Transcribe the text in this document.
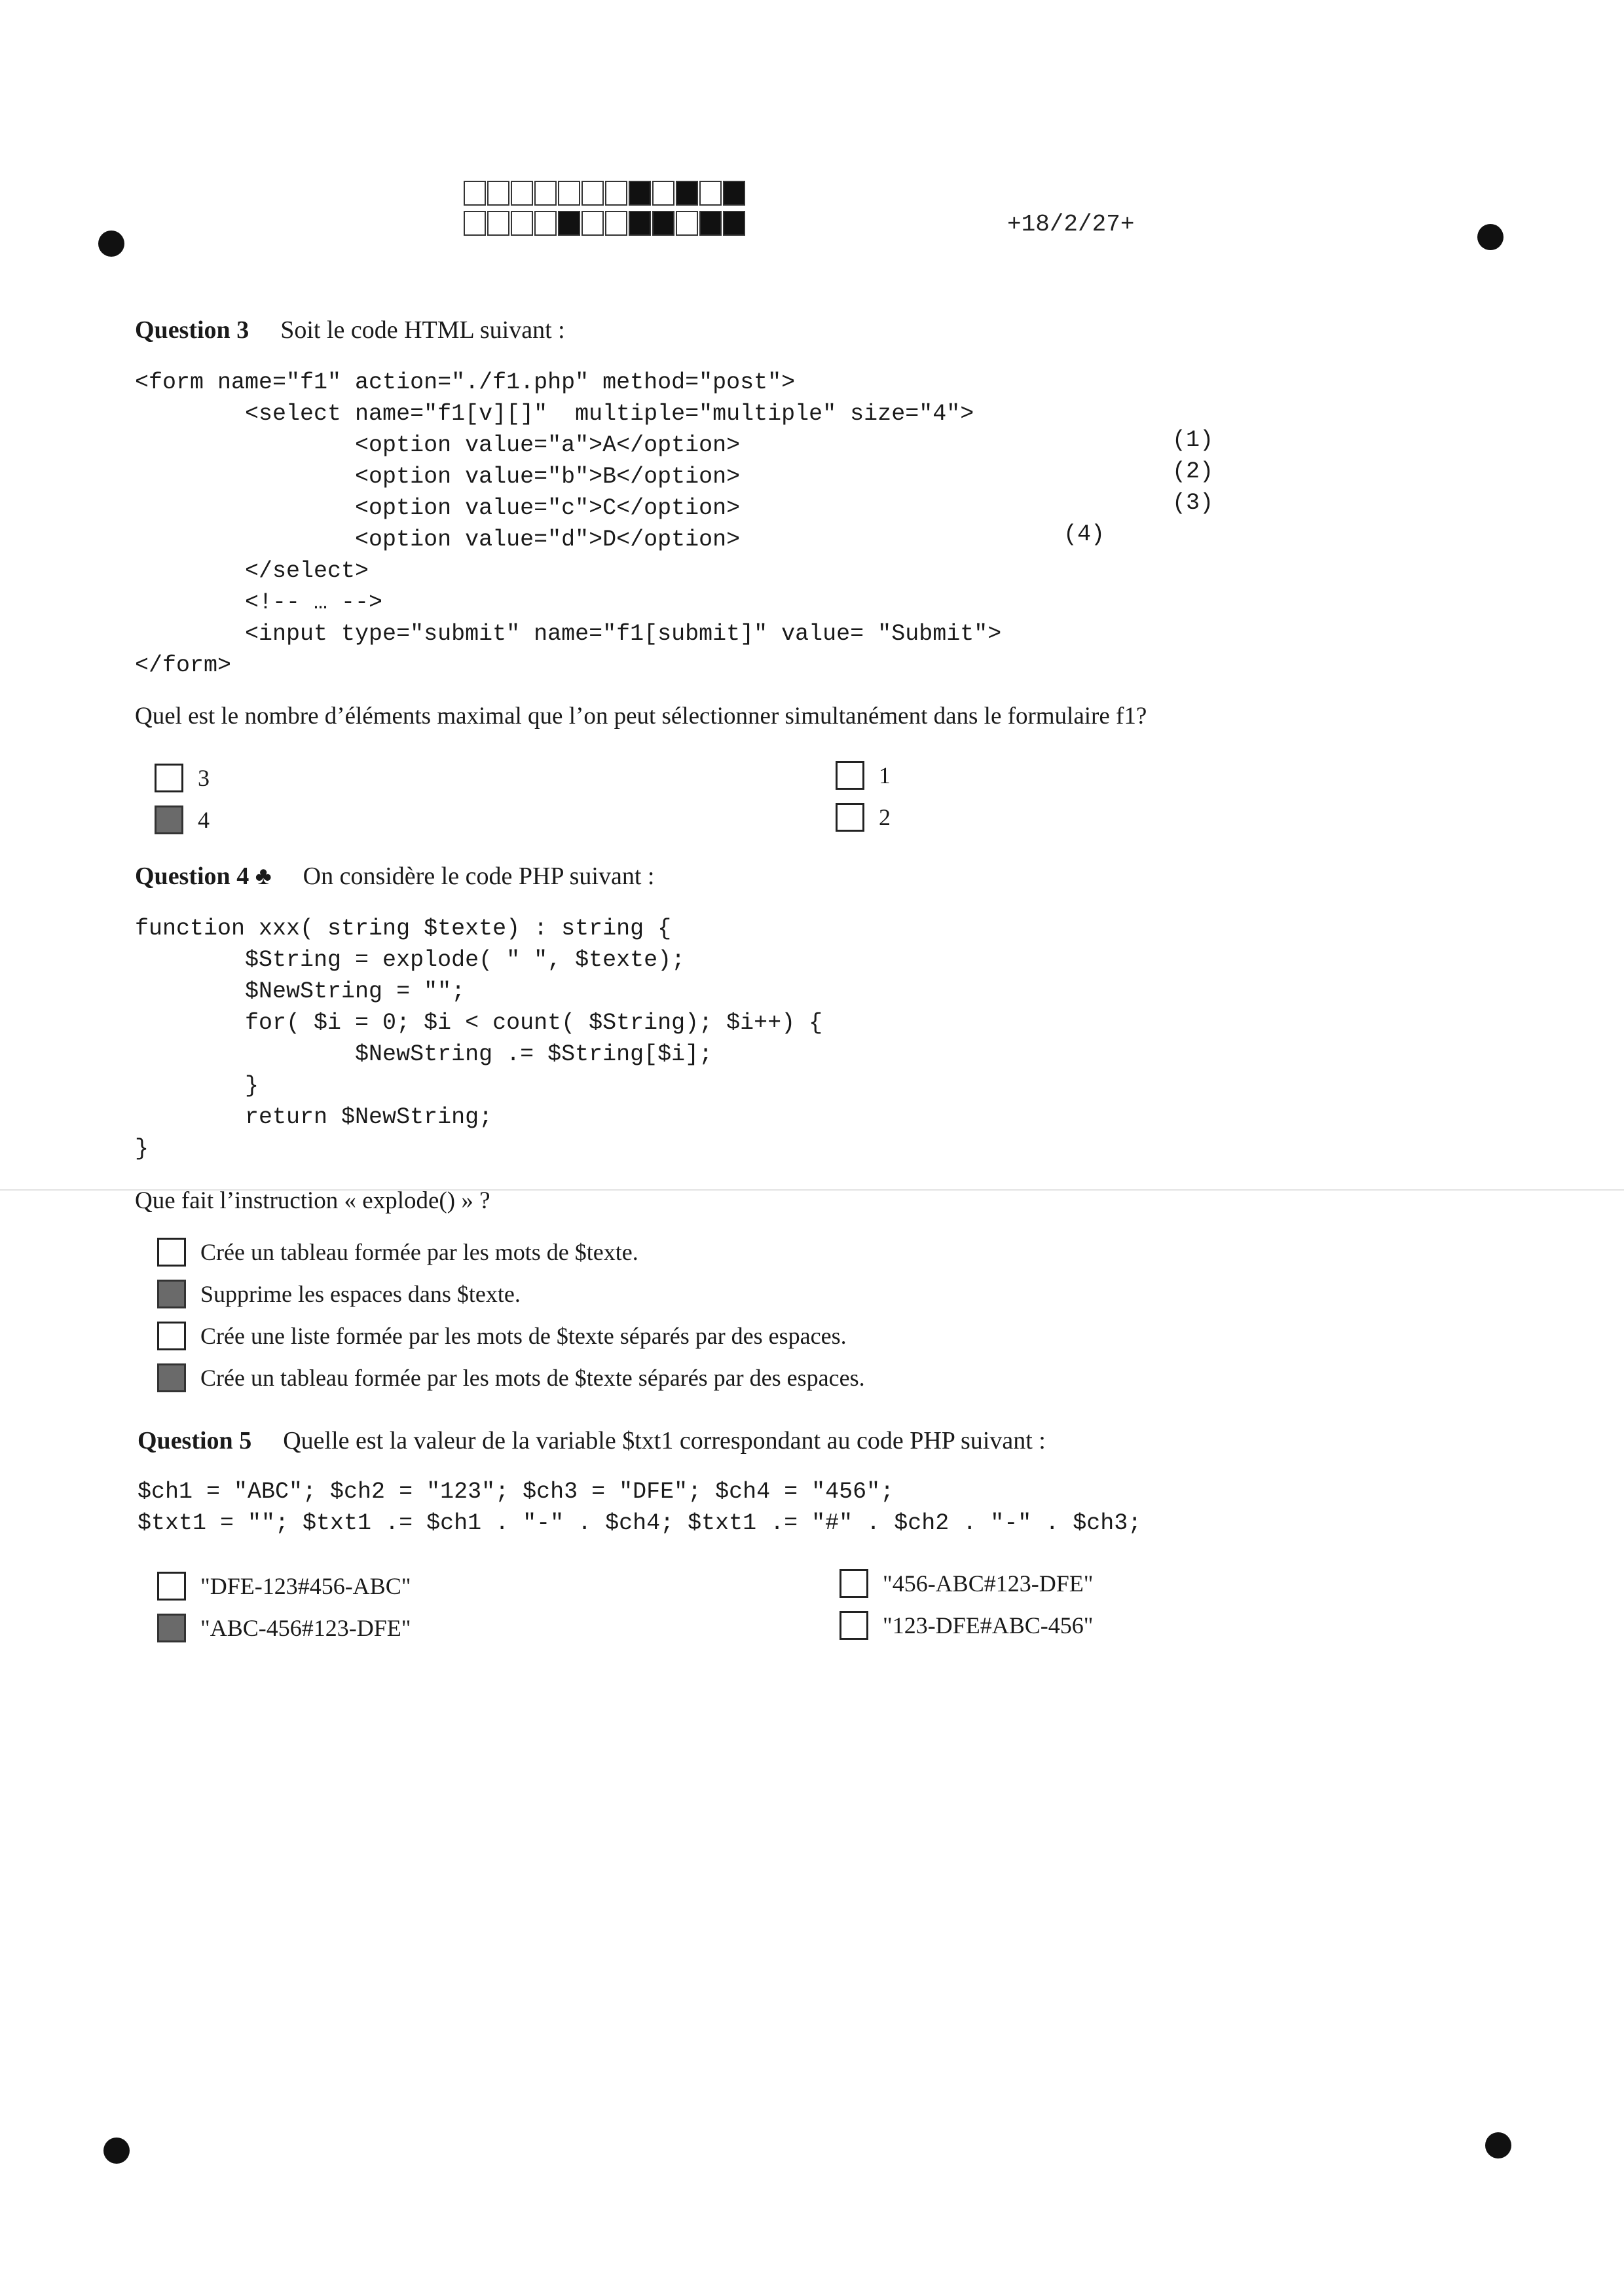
+18/2/27+
Question 3 Soit le code HTML suivant :
<form name="f1" action="./f1.php" method="post">
<select name="f1[v][]"  multiple="multiple" size="4">
<option value="a">A</option>
<option value="b">B</option>
<option value="c">C</option>
<option value="d">D</option>
</select>
<!-- … -->
<input type="submit" name="f1[submit]" value= "Submit">
</form>
(1)
(2)
(3)
(4)
Quel est le nombre d’éléments maximal que l’on peut sélectionner simultanément dans le formulaire f1?
3
4
1
2
Question 4 ♣ On considère le code PHP suivant :
function xxx( string $texte) : string {
$String = explode( " ", $texte);
$NewString = "";
for( $i = 0; $i < count( $String); $i++) {
$NewString .= $String[$i];
}
return $NewString;
}
Que fait l’instruction « explode() » ?
Crée un tableau formée par les mots de $texte.
Supprime les espaces dans $texte.
Crée une liste formée par les mots de $texte séparés par des espaces.
Crée un tableau formée par les mots de $texte séparés par des espaces.
Question 5 Quelle est la valeur de la variable $txt1 correspondant au code PHP suivant :
$ch1 = "ABC"; $ch2 = "123"; $ch3 = "DFE"; $ch4 = "456";
$txt1 = ""; $txt1 .= $ch1 . "-" . $ch4; $txt1 .= "#" . $ch2 . "-" . $ch3;
"DFE-123#456-ABC"
"ABC-456#123-DFE"
"456-ABC#123-DFE"
"123-DFE#ABC-456"
